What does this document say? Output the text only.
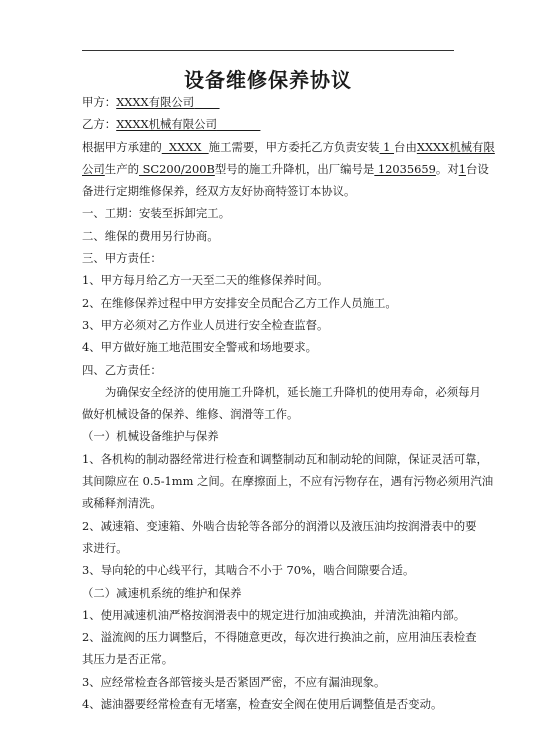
设备维修保养协议
甲方：XXXX有限公司
乙方：XXXX机械有限公司
根据甲方承建的  XXXX  施工需要，甲方委托乙方负责安装 1 台由XXXX机械有限
公司生产的 SC200/200B型号的施工升降机，出厂编号是 12035659。对1台设
备进行定期维修保养，经双方友好协商特签订本协议。
一、工期：安装至拆卸完工。
二、维保的费用另行协商。
三、甲方责任：
1、甲方每月给乙方一天至二天的维修保养时间。
2、在维修保养过程中甲方安排安全员配合乙方工作人员施工。
3、甲方必须对乙方作业人员进行安全检查监督。
4、甲方做好施工地范围安全警戒和场地要求。
四、乙方责任：
为确保安全经济的使用施工升降机，延长施工升降机的使用寿命，必须每月
做好机械设备的保养、维修、润滑等工作。
（一）机械设备维护与保养
1、各机构的制动器经常进行检查和调整制动瓦和制动轮的间隙，保证灵活可靠，
其间隙应在 0.5-1mm 之间。在摩擦面上，不应有污物存在，遇有污物必须用汽油
或稀释剂清洗。
2、减速箱、变速箱、外啮合齿轮等各部分的润滑以及液压油均按润滑表中的要
求进行。
3、导向轮的中心线平行，其啮合不小于 70%，啮合间隙要合适。
（二）减速机系统的维护和保养
1、使用减速机油严格按润滑表中的规定进行加油或换油，并清洗油箱内部。
2、溢流阀的压力调整后，不得随意更改，每次进行换油之前，应用油压表检查
其压力是否正常。
3、应经常检查各部管接头是否紧固严密，不应有漏油现象。
4、滤油器要经常检查有无堵塞，检查安全阀在使用后调整值是否变动。
